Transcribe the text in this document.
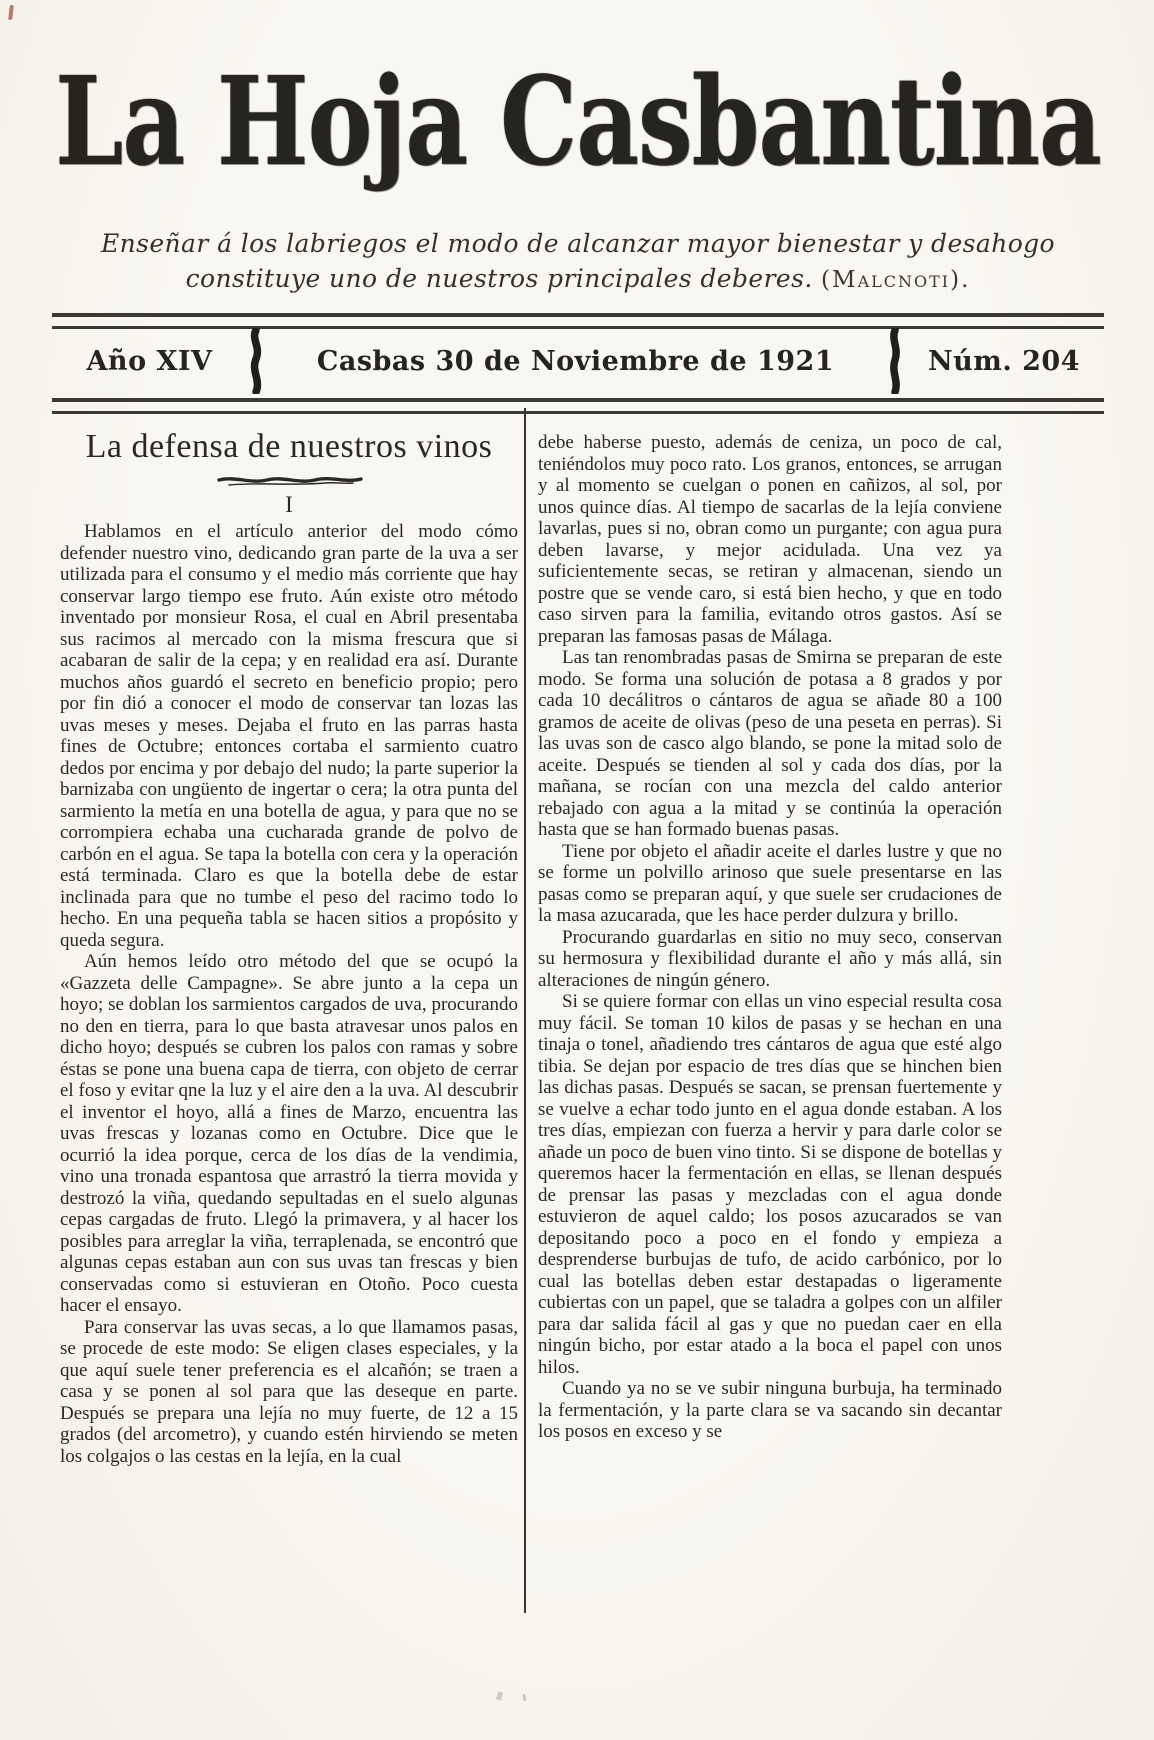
La Hoja Casbantina
Enseñar á los labriegos el modo de alcanzar mayor bienestar y desahogo
constituye uno de nuestros principales deberes. (Malcnoti).
Año XIV	Casbas 30 de Noviembre de 1921	Núm. 204
La defensa de nuestros vinos
I

Hablamos en el artículo anterior del modo cómo defender nuestro vino, dedicando gran parte de la uva a ser utilizada para el consumo y el medio más corriente que hay conservar largo tiempo ese fruto. Aún existe otro método inventado por monsieur Rosa, el cual en Abril presentaba sus racimos al mercado con la misma frescura que si acabaran de salir de la cepa; y en realidad era así. Durante muchos años guardó el secreto en beneficio propio; pero por fin dió a conocer el modo de conservar tan lozas las uvas meses y meses. Dejaba el fruto en las parras hasta fines de Octubre; entonces cortaba el sarmiento cuatro dedos por encima y por debajo del nudo; la parte superior la barnizaba con ungüento de ingertar o cera; la otra punta del sarmiento la metía en una botella de agua, y para que no se corrompiera echaba una cucharada grande de polvo de carbón en el agua. Se tapa la botella con cera y la operación está terminada. Claro es que la botella debe de estar inclinada para que no tumbe el peso del racimo todo lo hecho. En una pequeña tabla se hacen sitios a propósito y queda segura.

Aún hemos leído otro método del que se ocupó la «Gazzeta delle Campagne». Se abre junto a la cepa un hoyo; se doblan los sarmientos cargados de uva, procurando no den en tierra, para lo que basta atravesar unos palos en dicho hoyo; después se cubren los palos con ramas y sobre éstas se pone una buena capa de tierra, con objeto de cerrar el foso y evitar qne la luz y el aire den a la uva. Al descubrir el inventor el hoyo, allá a fines de Marzo, encuentra las uvas frescas y lozanas como en Octubre. Dice que le ocurrió la idea porque, cerca de los días de la vendimia, vino una tronada espantosa que arrastró la tierra movida y destrozó la viña, quedando sepultadas en el suelo algunas cepas cargadas de fruto. Llegó la primavera, y al hacer los posibles para arreglar la viña, terraplenada, se encontró que algunas cepas estaban aun con sus uvas tan frescas y bien conservadas como si estuvieran en Otoño. Poco cuesta hacer el ensayo.

Para conservar las uvas secas, a lo que llamamos pasas, se procede de este modo: Se eligen clases especiales, y la que aquí suele tener preferencia es el alcañón; se traen a casa y se ponen al sol para que las deseque en parte. Después se prepara una lejía no muy fuerte, de 12 a 15 grados (del arcometro), y cuando estén hirviendo se meten los colgajos o las cestas en la lejía, en la cual

debe haberse puesto, además de ceniza, un poco de cal, teniéndolos muy poco rato. Los granos, entonces, se arrugan y al momento se cuelgan o ponen en cañizos, al sol, por unos quince días. Al tiempo de sacarlas de la lejía conviene lavarlas, pues si no, obran como un purgante; con agua pura deben lavarse, y mejor acidulada. Una vez ya suficientemente secas, se retiran y almacenan, siendo un postre que se vende caro, si está bien hecho, y que en todo caso sirven para la familia, evitando otros gastos. Así se preparan las famosas pasas de Málaga.

Las tan renombradas pasas de Smirna se preparan de este modo. Se forma una solución de potasa a 8 grados y por cada 10 decálitros o cántaros de agua se añade 80 a 100 gramos de aceite de olivas (peso de una peseta en perras). Si las uvas son de casco algo blando, se pone la mitad solo de aceite. Después se tienden al sol y cada dos días, por la mañana, se rocían con una mezcla del caldo anterior rebajado con agua a la mitad y se continúa la operación hasta que se han formado buenas pasas.

Tiene por objeto el añadir aceite el darles lustre y que no se forme un polvillo arinoso que suele presentarse en las pasas como se preparan aquí, y que suele ser crudaciones de la masa azucarada, que les hace perder dulzura y brillo.

Procurando guardarlas en sitio no muy seco, conservan su hermosura y flexibilidad durante el año y más allá, sin alteraciones de ningún género.

Si se quiere formar con ellas un vino especial resulta cosa muy fácil. Se toman 10 kilos de pasas y se hechan en una tinaja o tonel, añadiendo tres cántaros de agua que esté algo tibia. Se dejan por espacio de tres días que se hinchen bien las dichas pasas. Después se sacan, se prensan fuertemente y se vuelve a echar todo junto en el agua donde estaban. A los tres días, empiezan con fuerza a hervir y para darle color se añade un poco de buen vino tinto. Si se dispone de botellas y queremos hacer la fermentación en ellas, se llenan después de prensar las pasas y mezcladas con el agua donde estuvieron de aquel caldo; los posos azucarados se van depositando poco a poco en el fondo y empieza a desprenderse burbujas de tufo, de acido carbónico, por lo cual las botellas deben estar destapadas o ligeramente cubiertas con un papel, que se taladra a golpes con un alfiler para dar salida fácil al gas y que no puedan caer en ella ningún bicho, por estar atado a la boca el papel con unos hilos.

Cuando ya no se ve subir ninguna burbuja, ha terminado la fermentación, y la parte clara se va sacando sin decantar los posos en exceso y se
